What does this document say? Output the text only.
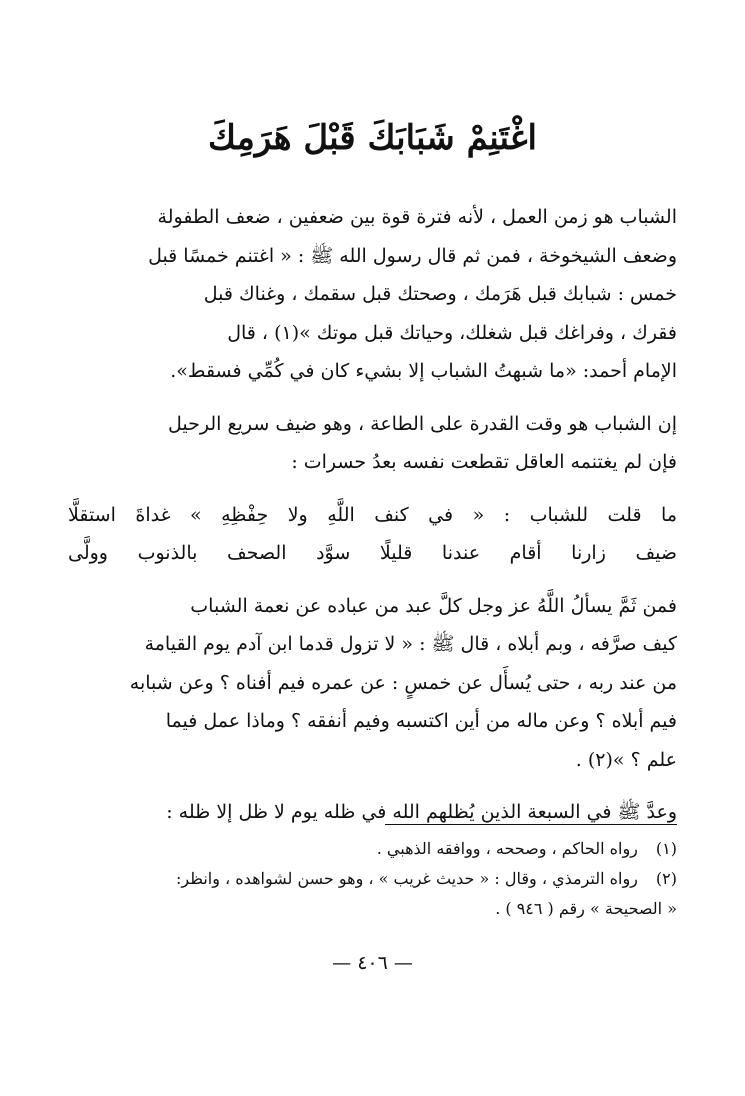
اغْتَنِمْ شَبَابَكَ قَبْلَ هَرَمِكَ
الشباب هو زمن العمل ، لأنه فترة قوة بين ضعفين ، ضعف الطفولة
وضعف الشيخوخة ، فمن ثم قال رسول الله ﷺ : « اغتنم خمسًا قبل
خمس : شبابك قبل هَرَمك ، وصحتك قبل سقمك ، وغناك قبل
فقرك ، وفراغك قبل شغلك، وحياتك قبل موتك »(١) ، قال
الإمام أحمد: «ما شبهتُ الشباب إلا بشيء كان في كُمِّي فسقط».
إن الشباب هو وقت القدرة على الطاعة ، وهو ضيف سريع الرحيل
فإن لم يغتنمه العاقل تقطعت نفسه بعدُ حسرات :
ما قلت للشباب : « في كنف اللَّهِ ولا حِفْظِهِ » غداةَ استقلَّا
ضيف زارنا أقام عندنا قليلًا سوَّد الصحف بالذنوب وولَّى
فمن ثَمَّ يسألُ اللَّهُ عز وجل كلَّ عبد من عباده عن نعمة الشباب
كيف صرَّفه ، وبم أبلاه ، قال ﷺ : « لا تزول قدما ابن آدم يوم القيامة
من عند ربه ، حتى يُسأَل عن خمسٍ : عن عمره فيم أفناه ؟ وعن شبابه
فيم أبلاه ؟ وعن ماله من أين اكتسبه وفيم أنفقه ؟ وماذا عمل فيما
علم ؟ »(٢) .
وعدَّ ﷺ في السبعة الذين يُظلهم الله في ظله يوم لا ظل إلا ظله :
(١) رواه الحاكم ، وصححه ، ووافقه الذهبي .
(٢) رواه الترمذي ، وقال : « حديث غريب » ، وهو حسن لشواهده ، وانظر:
« الصحيحة » رقم ( ٩٤٦ ) .
— ٤٠٦ —
